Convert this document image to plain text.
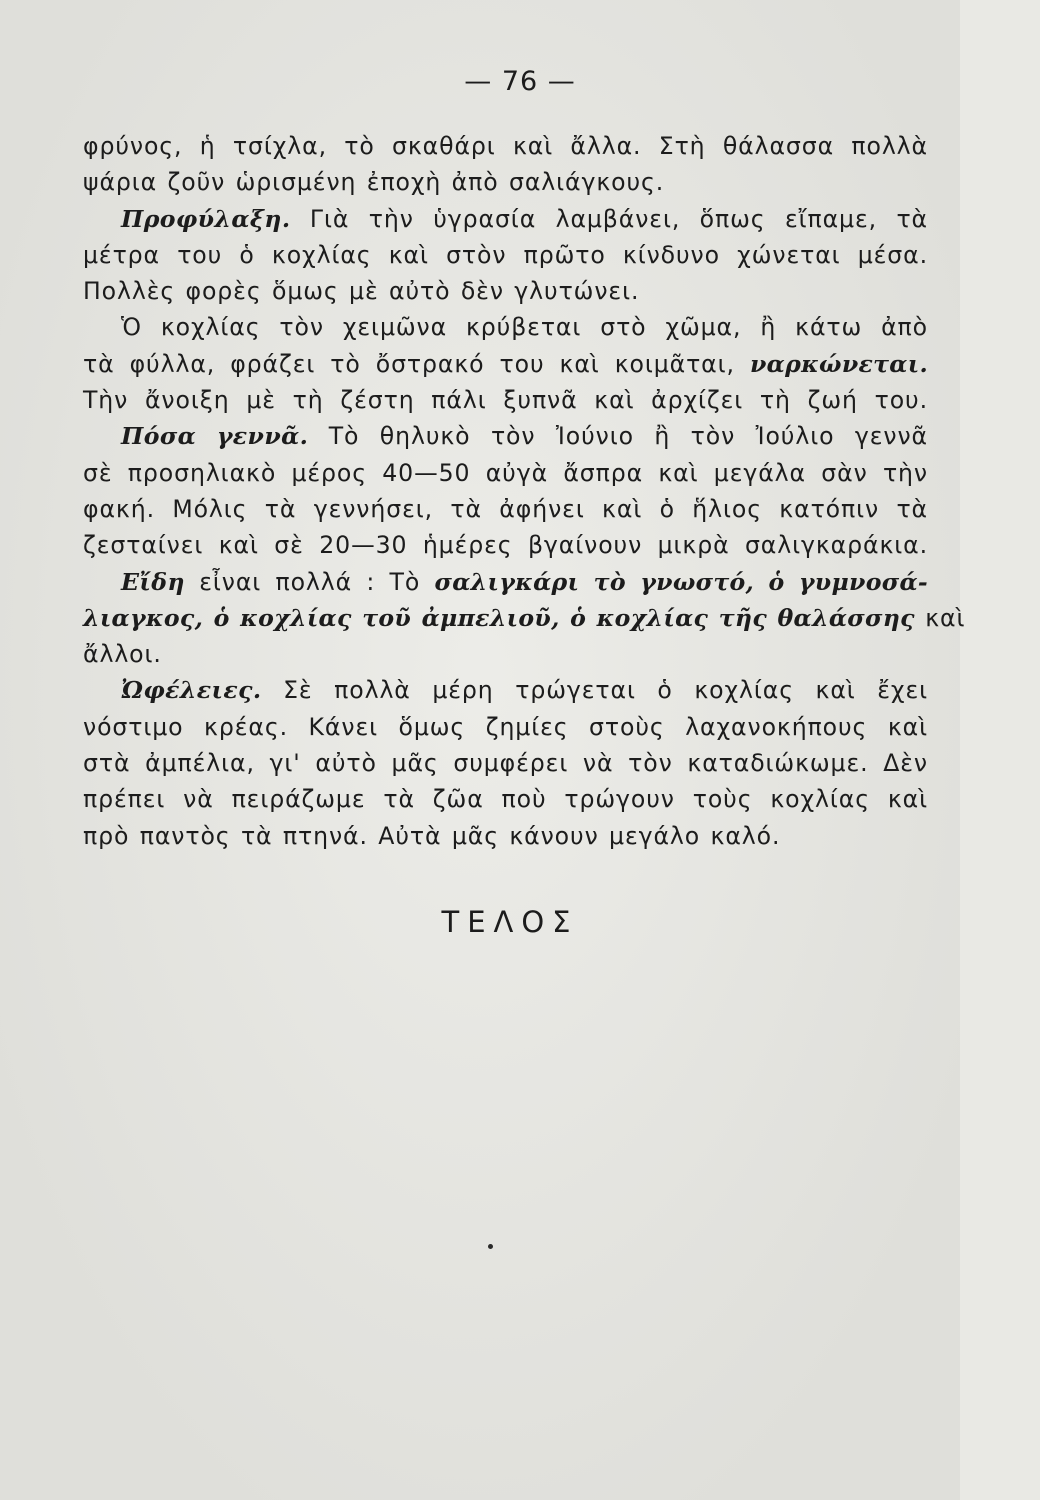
— 76 —
φρύνος, ἡ τσίχλα, τὸ σκαθάρι καὶ ἄλλα. Στὴ θάλασσα πολλὰ
ψάρια ζοῦν ὡρισμένη ἐποχὴ ἀπὸ σαλιάγκους.
Προφύλαξη. Γιὰ τὴν ὑγρασία λαμβάνει, ὅπως εἴπαμε, τὰ
μέτρα του ὁ κοχλίας καὶ στὸν πρῶτο κίνδυνο χώνεται μέσα.
Πολλὲς φορὲς ὅμως μὲ αὐτὸ δὲν γλυτώνει.
Ὁ κοχλίας τὸν χειμῶνα κρύβεται στὸ χῶμα, ἢ κάτω ἀπὸ
τὰ φύλλα, φράζει τὸ ὄστρακό του καὶ κοιμᾶται, ναρκώνεται.
Τὴν ἄνοιξη μὲ τὴ ζέστη πάλι ξυπνᾶ καὶ ἀρχίζει τὴ ζωή του.
Πόσα γεννᾶ. Τὸ θηλυκὸ τὸν Ἰούνιο ἢ τὸν Ἰούλιο γεννᾶ
σὲ προσηλιακὸ μέρος 40—50 αὐγὰ ἄσπρα καὶ μεγάλα σὰν τὴν
φακή. Μόλις τὰ γεννήσει, τὰ ἀφήνει καὶ ὁ ἥλιος κατόπιν τὰ
ζεσταίνει καὶ σὲ 20—30 ἡμέρες βγαίνουν μικρὰ σαλιγκαράκια.
Εἴδη εἶναι πολλά : Τὸ σαλιγκάρι τὸ γνωστό, ὁ γυμνοσά-
λιαγκος, ὁ κοχλίας τοῦ ἀμπελιοῦ, ὁ κοχλίας τῆς θαλάσσης καὶ
ἄλλοι.
Ὠφέλειες. Σὲ πολλὰ μέρη τρώγεται ὁ κοχλίας καὶ ἔχει
νόστιμο κρέας. Κάνει ὅμως ζημίες στοὺς λαχανοκήπους καὶ
στὰ ἀμπέλια, γι' αὐτὸ μᾶς συμφέρει νὰ τὸν καταδιώκωμε. Δὲν
πρέπει νὰ πειράζωμε τὰ ζῶα ποὺ τρώγουν τοὺς κοχλίας καὶ
πρὸ παντὸς τὰ πτηνά. Αὐτὰ μᾶς κάνουν μεγάλο καλό.
ΤΕΛΟΣ
